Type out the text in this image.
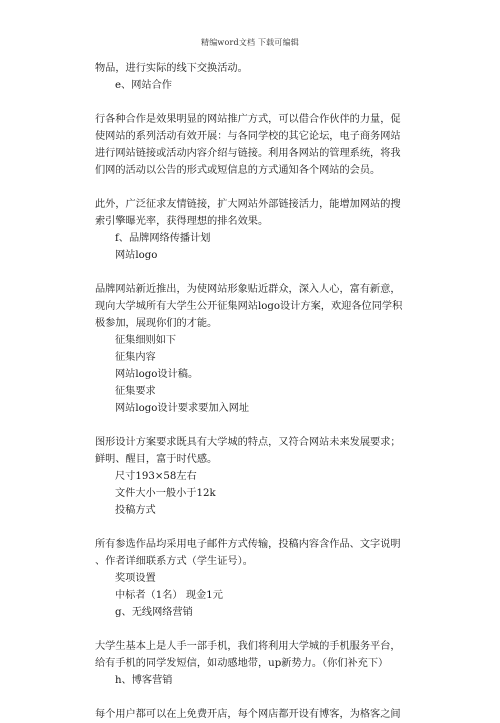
精编word文档 下载可编辑
物品，进行实际的线下交换活动。
e、网站合作
行各种合作是效果明显的网站推广方式，可以借合作伙伴的力量，促
使网站的系列活动有效开展：与各同学校的其它论坛，电子商务网站
进行网站链接或活动内容介绍与链接。利用各网站的管理系统，将我
们网的活动以公告的形式或短信息的方式通知各个网站的会员。
此外，广泛征求友情链接，扩大网站外部链接活力，能增加网站的搜
索引擎曝光率，获得理想的排名效果。
f、品牌网络传播计划
网站logo
品牌网站新近推出，为使网站形象贴近群众，深入人心，富有新意，
现向大学城所有大学生公开征集网站logo设计方案，欢迎各位同学积
极参加，展现你们的才能。
征集细则如下
征集内容
网站logo设计稿。
征集要求
网站logo设计要求要加入网址
图形设计方案要求既具有大学城的特点，又符合网站未来发展要求；
鲜明、醒目，富于时代感。
尺寸193×58左右
文件大小一般小于12k
投稿方式
所有参选作品均采用电子邮件方式传输，投稿内容含作品、文字说明
、作者详细联系方式（学生证号）。
奖项设置
中标者（1名） 现金1元
g、无线网络营销
大学生基本上是人手一部手机，我们将利用大学城的手机服务平台，
给有手机的同学发短信，如动感地带，up新势力。（你们补充下）
h、博客营销
每个用户都可以在上免费开店，每个网店都开设有博客，为格客之间
